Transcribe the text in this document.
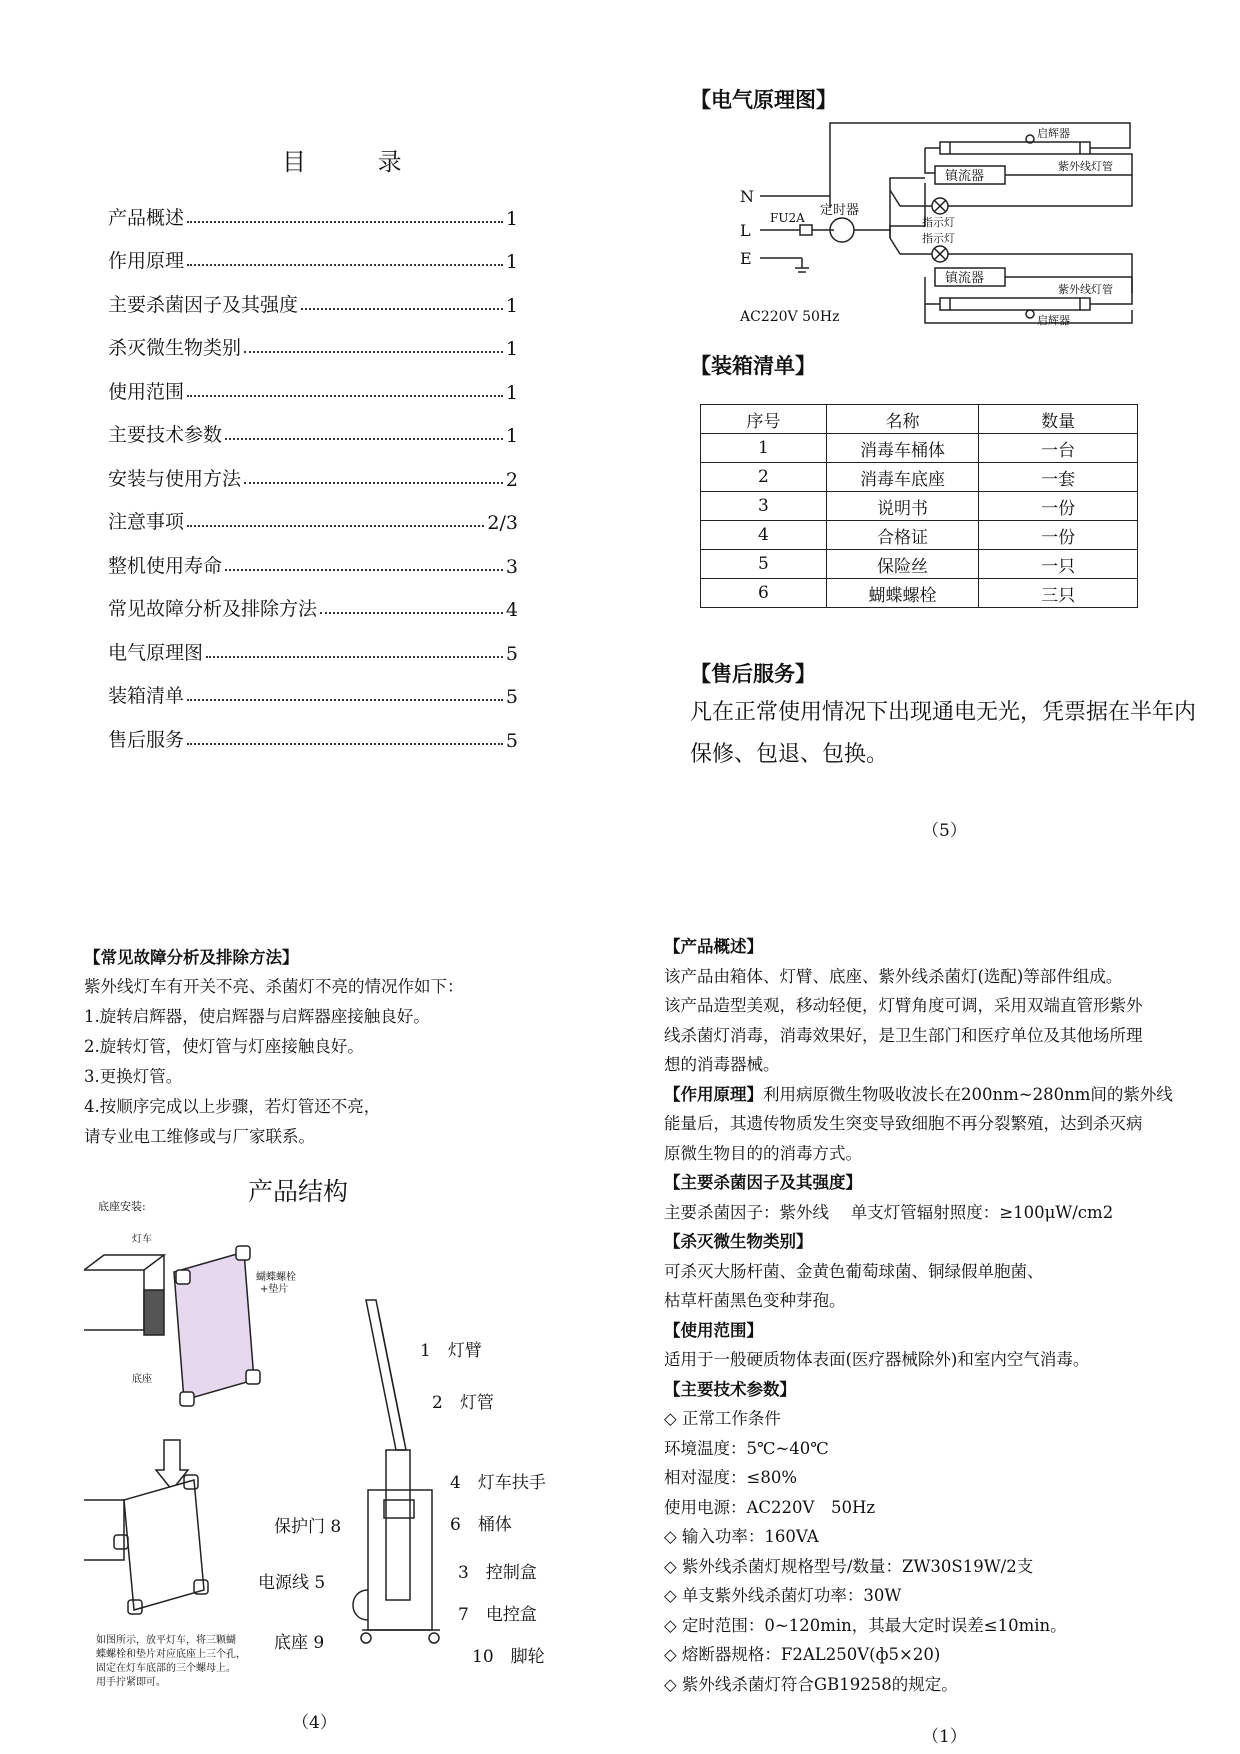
目 录
产品概述	1
作用原理	1
主要杀菌因子及其强度	1
杀灭微生物类别	1
使用范围	1
主要技术参数	1
安装与使用方法	2
注意事项	2/3
整机使用寿命	3
常见故障分析及排除方法	4
电气原理图	5
装箱清单	5
售后服务	5
【电气原理图】
N
L
E
FU2A 定时器
AC220V 50Hz
启辉器
启辉器
镇流器
镇流器
紫外线灯管
紫外线灯管
指示灯
指示灯
【装箱清单】
序号	名称	数量
1	消毒车桶体	一台
2	消毒车底座	一套
3	说明书	一份
4	合格证	一份
5	保险丝	一只
6	蝴蝶螺栓	三只
【售后服务】
凡在正常使用情况下出现通电无光，凭票据在半年内
保修、包退、包换。
（5）
【常见故障分析及排除方法】
紫外线灯车有开关不亮、杀菌灯不亮的情况作如下：
1.旋转启辉器，使启辉器与启辉器座接触良好。
2.旋转灯管，使灯管与灯座接触良好。
3.更换灯管。
4.按顺序完成以上步骤，若灯管还不亮，
请专业电工维修或与厂家联系。
产品结构
底座安装:
灯车
底座
蝴蝶螺栓
+垫片
如图所示，放平灯车，将三颗蝴
蝶螺栓和垫片对应底座上三个孔，
固定在灯车底部的三个螺母上。
用手拧紧即可。
1　 灯臂
2　 灯管
4　 灯车扶手
6　 桶体
3　 控制盒
7　 电控盒
10　 脚轮
保护门 8
电源线 5
底座 9
（4）
【产品概述】
该产品由箱体、灯臂、底座、紫外线杀菌灯(选配)等部件组成。
该产品造型美观，移动轻便，灯臂角度可调，采用双端直管形紫外
线杀菌灯消毒，消毒效果好，是卫生部门和医疗单位及其他场所理
想的消毒器械。
【作用原理】利用病原微生物吸收波长在200nm~280nm间的紫外线
能量后，其遗传物质发生突变导致细胞不再分裂繁殖，达到杀灭病
原微生物目的的消毒方式。
【主要杀菌因子及其强度】
主要杀菌因子：紫外线　 单支灯管辐射照度：≥100μW/cm2
【杀灭微生物类别】
可杀灭大肠杆菌、金黄色葡萄球菌、铜绿假单胞菌、
枯草杆菌黑色变种芽孢。
【使用范围】
适用于一般硬质物体表面(医疗器械除外)和室内空气消毒。
【主要技术参数】
◇ 正常工作条件
环境温度：5℃~40℃
相对湿度：≤80%
使用电源：AC220V　50Hz
◇ 输入功率：160VA
◇ 紫外线杀菌灯规格型号/数量：ZW30S19W/2支
◇ 单支紫外线杀菌灯功率：30W
◇ 定时范围：0~120min，其最大定时误差≤10min。
◇ 熔断器规格：F2AL250V(ф5×20)
◇ 紫外线杀菌灯符合GB19258的规定。
（1）
